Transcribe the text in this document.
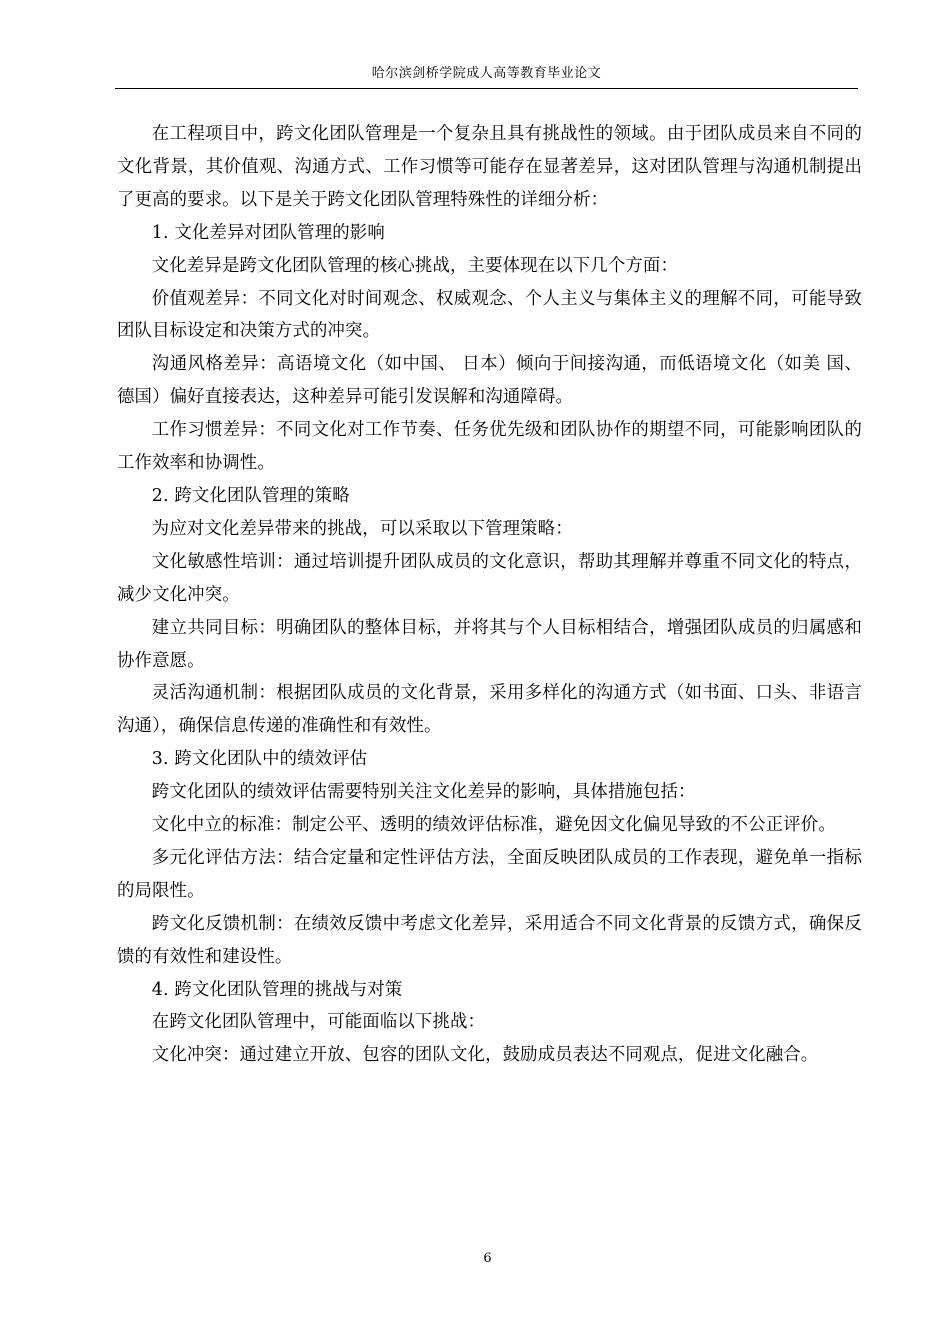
哈尔滨剑桥学院成人高等教育毕业论文

在工程项目中，跨文化团队管理是一个复杂且具有挑战性的领域。由于团队成员来自不同的文化背景，其价值观、沟通方式、工作习惯等可能存在显著差异，这对团队管理与沟通机制提出了更高的要求。以下是关于跨文化团队管理特殊性的详细分析：

1. 文化差异对团队管理的影响

文化差异是跨文化团队管理的核心挑战，主要体现在以下几个方面：

价值观差异：不同文化对时间观念、权威观念、个人主义与集体主义的理解不同，可能导致团队目标设定和决策方式的冲突。

沟通风格差异：高语境文化（如中国、 日本）倾向于间接沟通，而低语境文化（如美 国、德国）偏好直接表达，这种差异可能引发误解和沟通障碍。

工作习惯差异：不同文化对工作节奏、任务优先级和团队协作的期望不同，可能影响团队的工作效率和协调性。

2. 跨文化团队管理的策略

为应对文化差异带来的挑战，可以采取以下管理策略：

文化敏感性培训：通过培训提升团队成员的文化意识，帮助其理解并尊重不同文化的特点，减少文化冲突。

建立共同目标：明确团队的整体目标，并将其与个人目标相结合，增强团队成员的归属感和协作意愿。

灵活沟通机制：根据团队成员的文化背景，采用多样化的沟通方式（如书面、口头、非语言沟通），确保信息传递的准确性和有效性。

3. 跨文化团队中的绩效评估

跨文化团队的绩效评估需要特别关注文化差异的影响，具体措施包括：

文化中立的标准：制定公平、透明的绩效评估标准，避免因文化偏见导致的不公正评价。

多元化评估方法：结合定量和定性评估方法，全面反映团队成员的工作表现，避免单一指标的局限性。

跨文化反馈机制：在绩效反馈中考虑文化差异，采用适合不同文化背景的反馈方式，确保反馈的有效性和建设性。

4. 跨文化团队管理的挑战与对策

在跨文化团队管理中，可能面临以下挑战：

文化冲突：通过建立开放、包容的团队文化，鼓励成员表达不同观点，促进文化融合。

6
